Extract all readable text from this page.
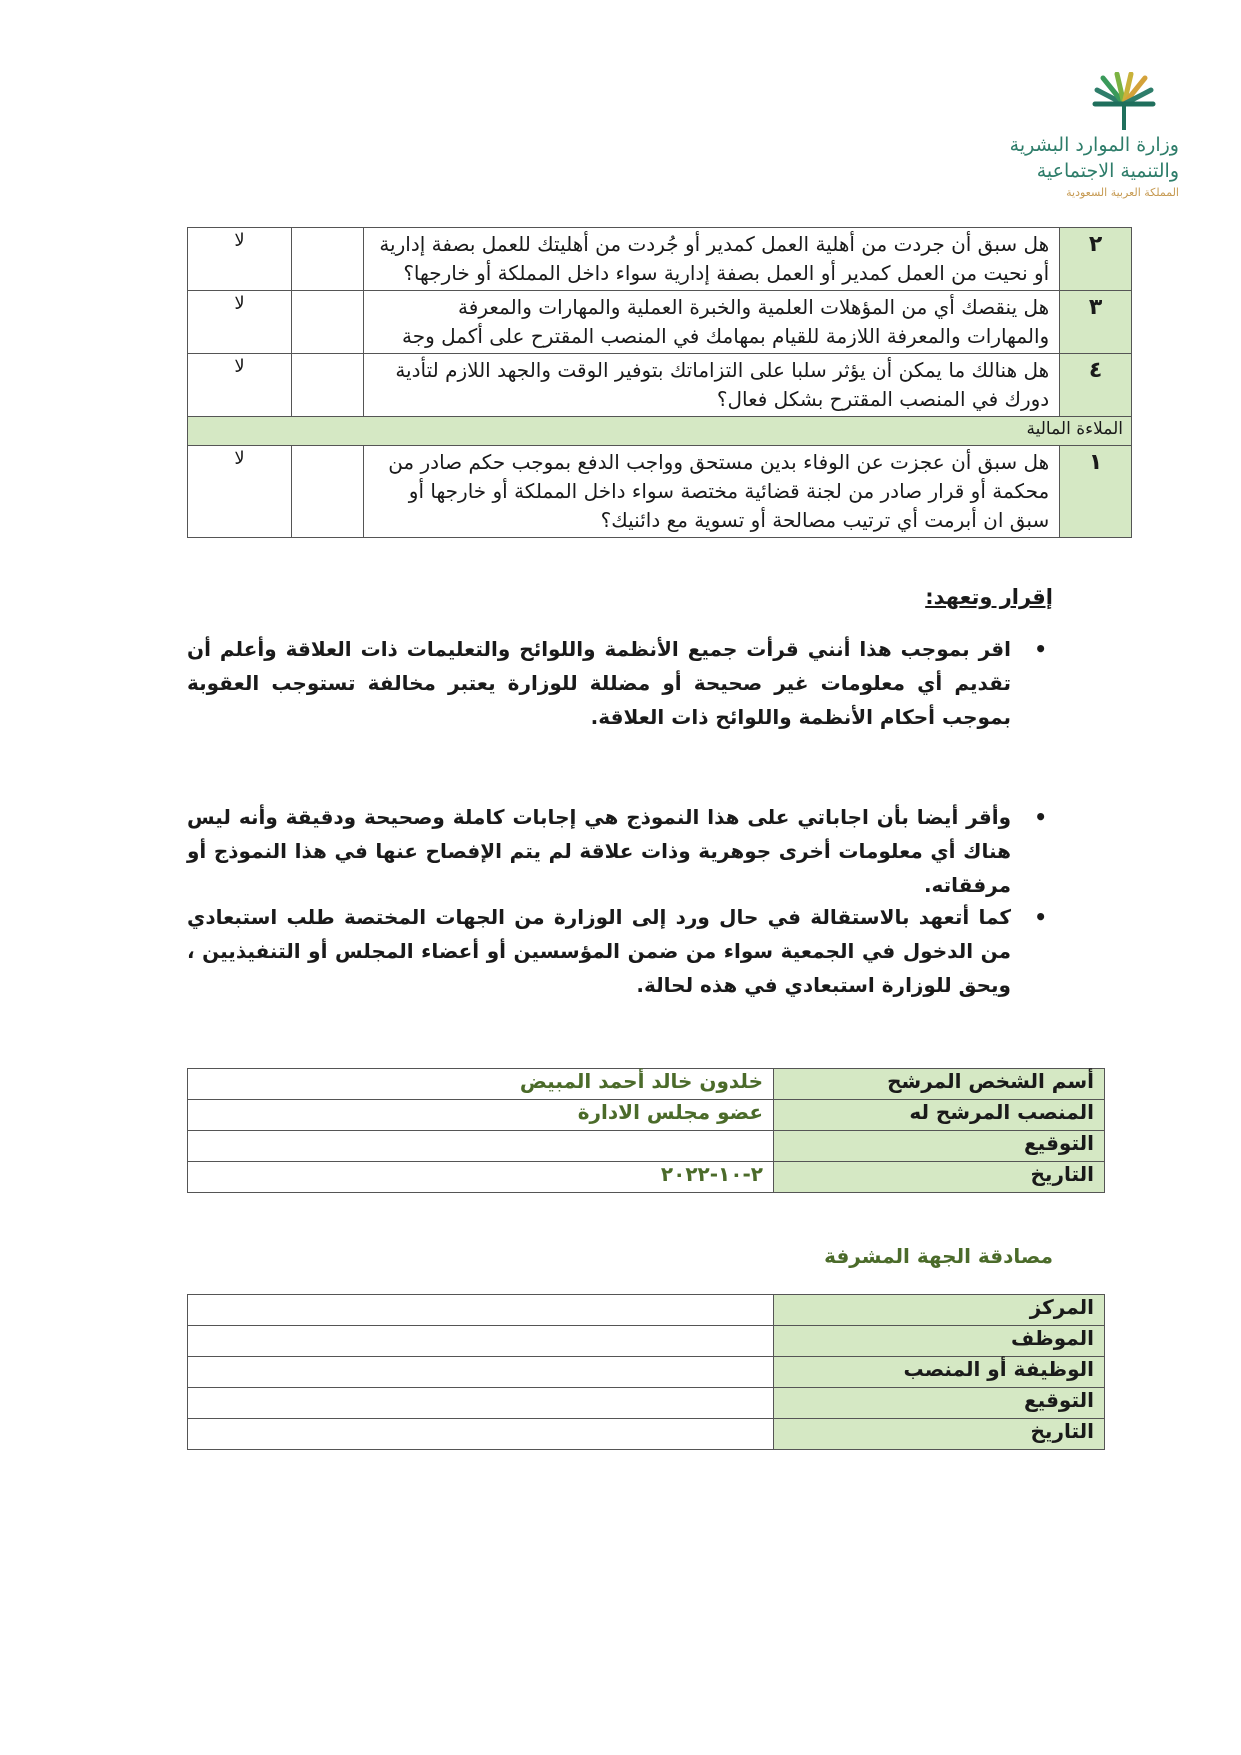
وزارة الموارد البشرية
والتنمية الاجتماعية
المملكة العربية السعودية
٢	هل سبق أن جردت من أهلية العمل كمدير أو جُردت من أهليتك للعمل بصفة إدارية أو نحيت من العمل كمدير أو العمل بصفة إدارية سواء داخل المملكة أو خارجها؟		لا
٣	هل ينقصك أي من المؤهلات العلمية والخبرة العملية والمهارات والمعرفة والمهارات والمعرفة اللازمة للقيام بمهامك في المنصب المقترح على أكمل وجة		لا
٤	هل هنالك ما يمكن أن يؤثر سلبا على التزاماتك بتوفير الوقت والجهد اللازم لتأدية دورك في المنصب المقترح بشكل فعال؟		لا
الملاءة المالية			
١	هل سبق أن عجزت عن الوفاء بدين مستحق وواجب الدفع بموجب حكم صادر من محكمة أو قرار صادر من لجنة قضائية مختصة سواء داخل المملكة أو خارجها أو سبق ان أبرمت أي ترتيب مصالحة أو تسوية مع دائنيك؟		لا
إقرار وتعهد:
•
اقر بموجب هذا أنني قرأت جميع الأنظمة واللوائح والتعليمات ذات العلاقة وأعلم أن تقديم أي معلومات غير صحيحة أو مضللة للوزارة يعتبر مخالفة تستوجب العقوبة بموجب أحكام الأنظمة واللوائح ذات العلاقة.
•
وأقر أيضا بأن اجاباتي على هذا النموذج هي إجابات كاملة وصحيحة ودقيقة وأنه ليس هناك أي معلومات أخرى جوهرية وذات علاقة لم يتم الإفصاح عنها في هذا النموذج أو مرفقاته.
•
كما أتعهد بالاستقالة في حال ورد إلى الوزارة من الجهات المختصة طلب استبعادي من الدخول في الجمعية سواء من ضمن المؤسسين أو أعضاء المجلس أو التنفيذيين ، ويحق للوزارة استبعادي في هذه لحالة.
أسم الشخص المرشح	خلدون خالد أحمد المبيض
المنصب المرشح له	عضو مجلس الادارة
التوقيع	
التاريخ	٢-١٠-٢٠٢٢
مصادقة الجهة المشرفة
المركز	
الموظف	
الوظيفة أو المنصب	
التوقيع	
التاريخ	
